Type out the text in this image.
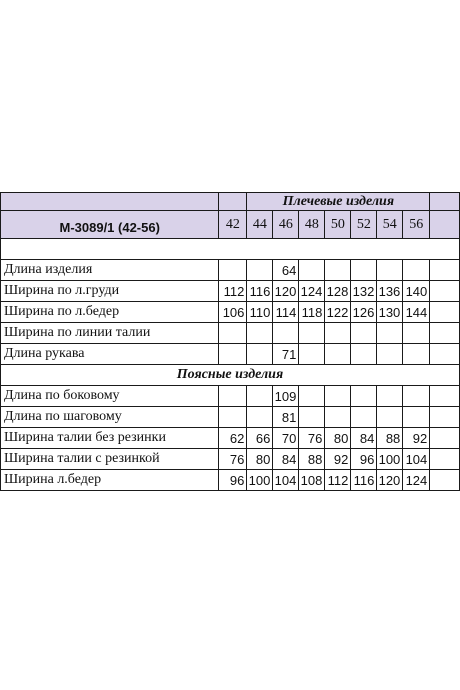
		Плечевые изделия							
M-3089/1 (42-56)	42	44	46	48	50	52	54	56	

Длина изделия			64						
Ширина по л.груди	112	116	120	124	128	132	136	140	
Ширина по л.бедер	106	110	114	118	122	126	130	144	
Ширина по линии талии									
Длина рукава			71						
Поясные изделия									
Длина по боковому			109						
Длина по шаговому			81						
Ширина талии без резинки	62	66	70	76	80	84	88	92	
Ширина талии с резинкой	76	80	84	88	92	96	100	104	
Ширина л.бедер	96	100	104	108	112	116	120	124	
